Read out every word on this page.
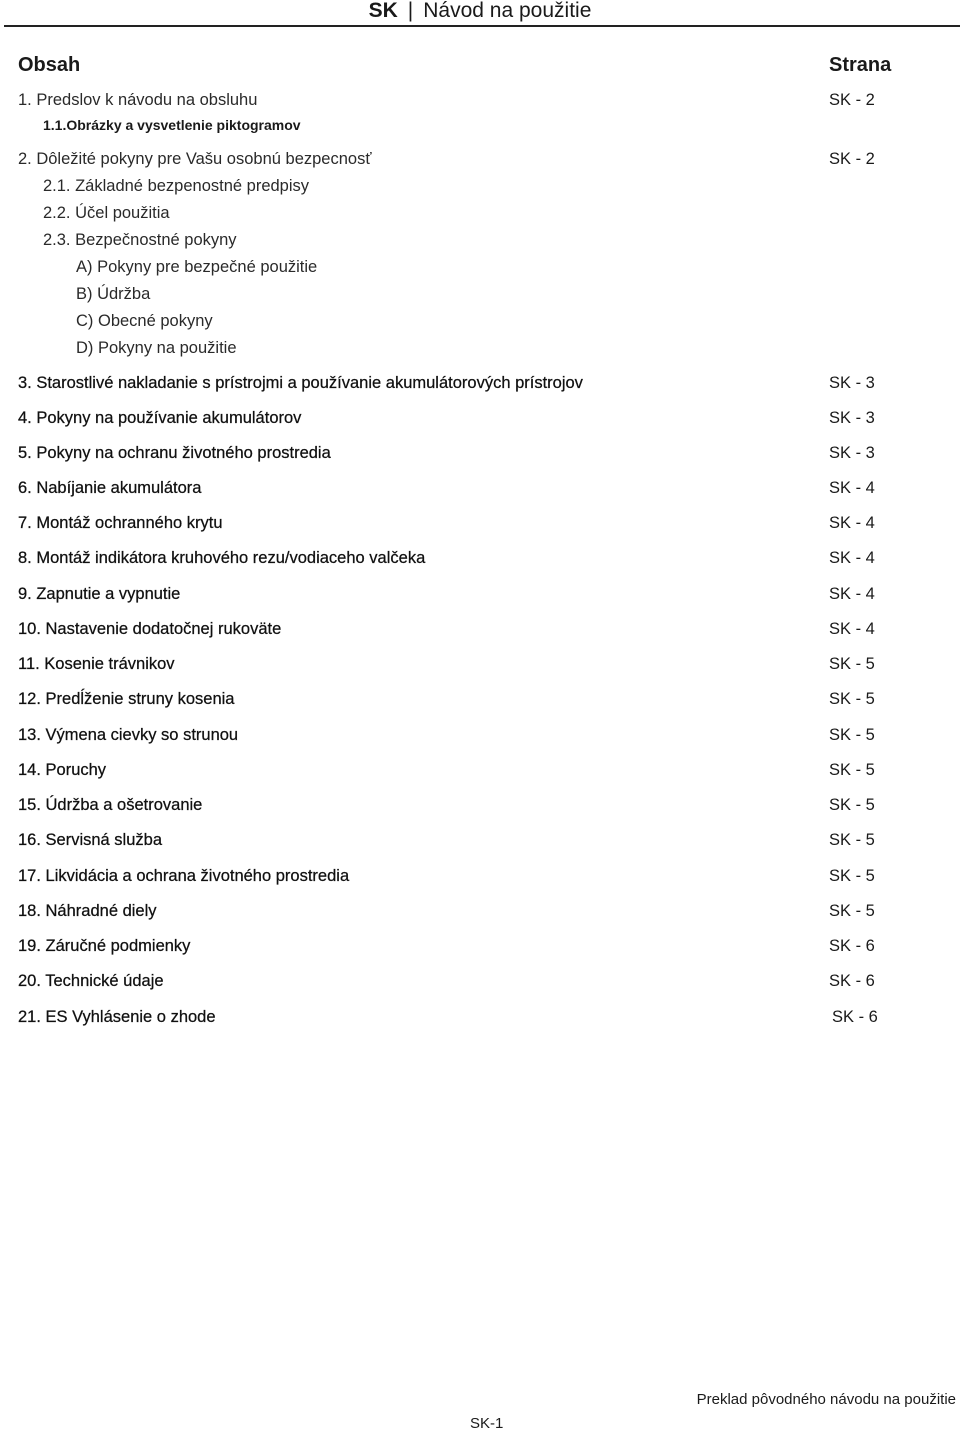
SK | Návod na použitie
Obsah	Strana
1. Predslov k návodu na obsluhu	SK - 2
1.1.Obrázky a vysvetlenie piktogramov
2. Dôležité pokyny pre Vašu osobnú bezpecnosť	SK - 2
2.1. Základné bezpenostné predpisy
2.2. Účel použitia
2.3. Bezpečnostné pokyny
A) Pokyny pre bezpečné použitie
B) Údržba
C) Obecné pokyny
D) Pokyny na použitie
3. Starostlivé nakladanie s prístrojmi a používanie akumulátorových prístrojov	SK - 3
4. Pokyny na používanie akumulátorov	SK - 3
5. Pokyny na ochranu životného prostredia	SK - 3
6. Nabíjanie akumulátora	SK - 4
7. Montáž ochranného krytu	SK - 4
8. Montáž indikátora kruhového rezu/vodiaceho valčeka	SK - 4
9. Zapnutie a vypnutie	SK - 4
10. Nastavenie dodatočnej rukoväte	SK - 4
11. Kosenie trávnikov	SK - 5
12. Predĺženie struny kosenia	SK - 5
13. Výmena cievky so strunou	SK - 5
14. Poruchy	SK - 5
15. Údržba a ošetrovanie	SK - 5
16. Servisná služba	SK - 5
17. Likvidácia a ochrana životného prostredia	SK - 5
18. Náhradné diely	SK - 5
19. Záručné podmienky	SK - 6
20. Technické údaje	SK - 6
21. ES Vyhlásenie o zhode	SK - 6
Preklad pôvodného návodu na použitie
SK-1
